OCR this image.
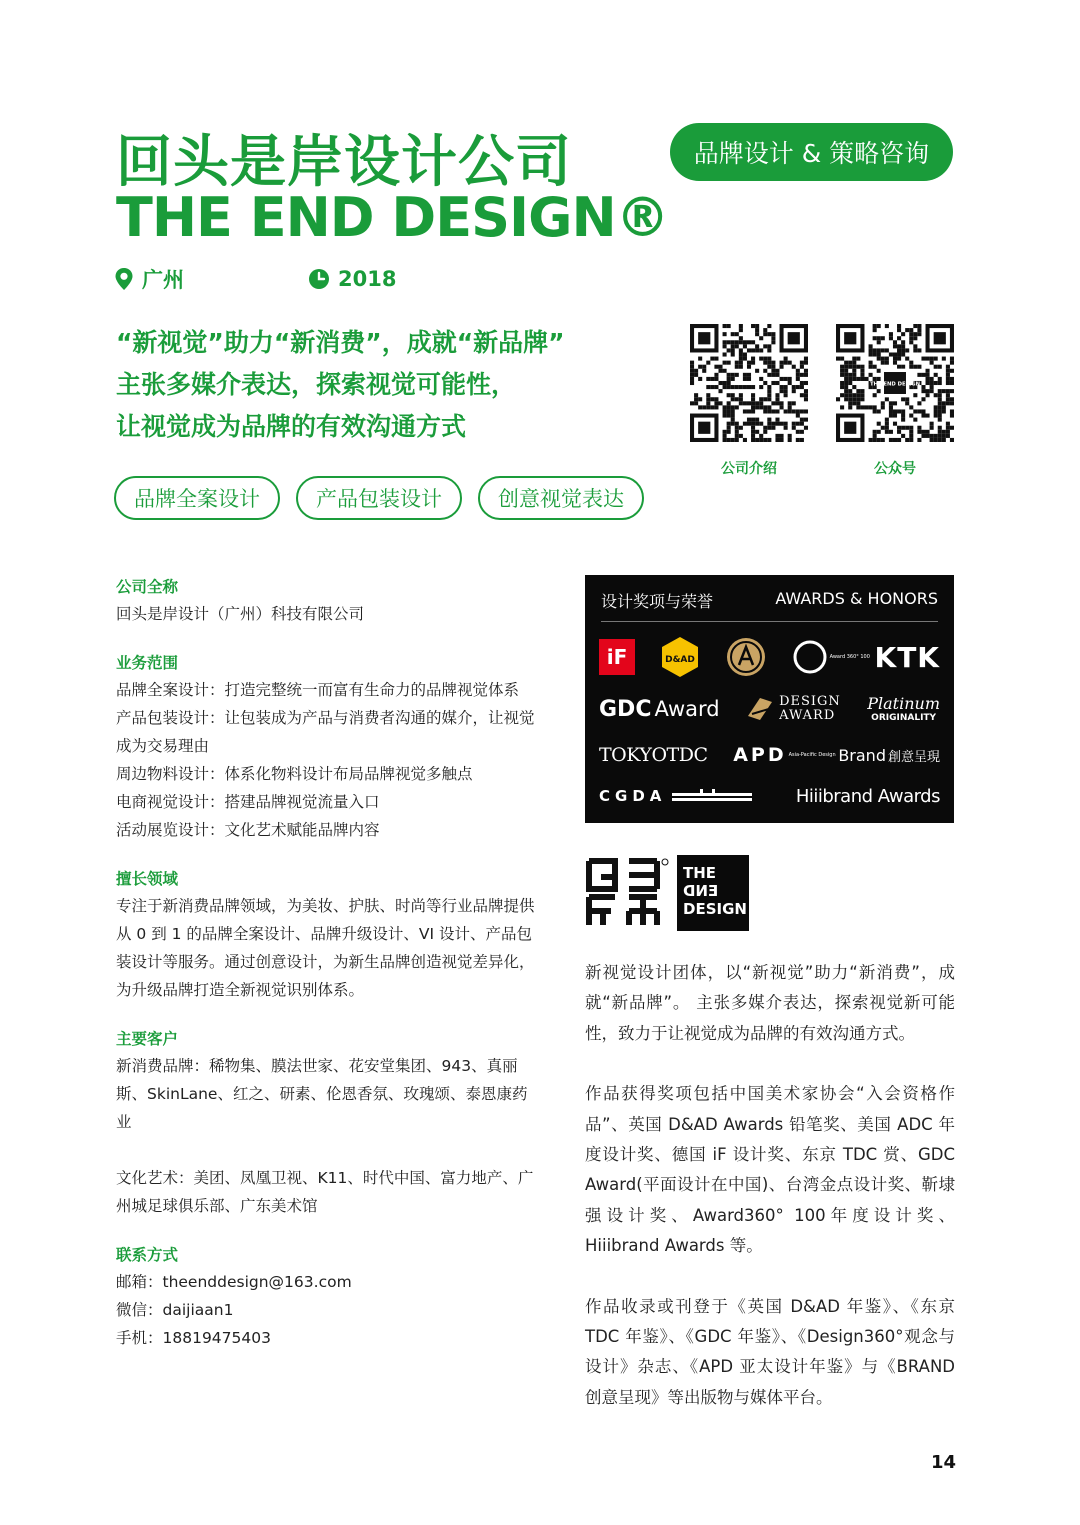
回头是岸设计公司
THE END DESIGN®
品牌设计 & 策略咨询
广州	2018
“新视觉”助力“新消费”，成就“新品牌”
主张多媒介表达，探索视觉可能性，
让视觉成为品牌的有效沟通方式
THE END DESIGN
公司介绍	公众号
品牌全案设计	产品包装设计	创意视觉表达
公司全称

回头是岸设计（广州）科技有限公司

业务范围

品牌全案设计：打造完整统一而富有生命力的品牌视觉体系

产品包装设计：让包装成为产品与消费者沟通的媒介，让视觉成为交易理由

周边物料设计：体系化物料设计布局品牌视觉多触点

电商视觉设计：搭建品牌视觉流量入口

活动展览设计：文化艺术赋能品牌内容

擅长领域

专注于新消费品牌领域，为美妆、护肤、时尚等行业品牌提供从 0 到 1 的品牌全案设计、品牌升级设计、VI 设计、产品包装设计等服务。通过创意设计，为新生品牌创造视觉差异化，为升级品牌打造全新视觉识别体系。

主要客户

新消费品牌：稀物集、膜法世家、花安堂集团、943、真丽斯、SkinLane、红之、研素、伦恩香氛、玫瑰颂、泰恩康药业

文化艺术：美团、凤凰卫视、K11、时代中国、富力地产、广州城足球俱乐部、广东美术馆

联系方式

邮箱：theenddesign@163.com

微信：daijiaan1

手机：18819475403

设计奖项与荣誉	AWARDS & HONORS
iF	D&AD	Award 360° 100 KTK
GDC Award	DESIGN
AWARD
Platinum
ORIGINALITY
TOKYOTDC APD Asia-Pacific Design Brand 創意呈現
CGDA	Hiiibrand Awards
THE
END
DESIGN

新视觉设计团体，以“新视觉”助力“新消费”，成就“新品牌”。 主张多媒介表达，探索视觉新可能性，致力于让视觉成为品牌的有效沟通方式。

作品获得奖项包括中国美术家协会“入会资格作品”、英国 D&AD Awards 铅笔奖、美国 ADC 年度设计奖、德国 iF 设计奖、东京 TDC 赏、GDC Award(平面设计在中国)、台湾金点设计奖、靳埭强设计奖、Award360° 100年度设计奖、Hiiibrand Awards 等。

作品收录或刊登于《英国 D&AD 年鉴》、《东京 TDC 年鉴》、《GDC 年鉴》、《Design360°观念与设计》杂志、《APD 亚太设计年鉴》与《BRAND 创意呈现》等出版物与媒体平台。

14
